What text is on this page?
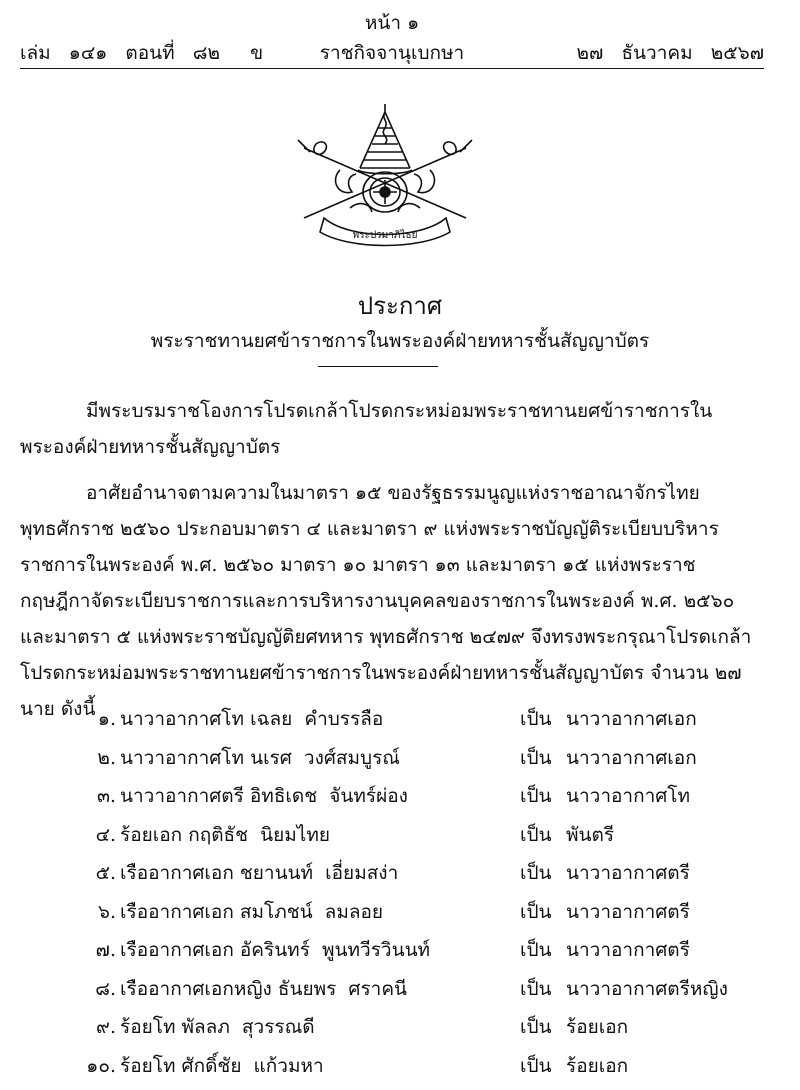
หน้า ๑
เล่ม   ๑๔๑   ตอนที่   ๘๒     ข	ราชกิจจานุเบกษา	๒๗   ธันวาคม   ๒๕๖๗
พระปรมาภิไธย
ประกาศ
พระราชทานยศข้าราชการในพระองค์ฝ่ายทหารชั้นสัญญาบัตร
มีพระบรมราชโองการโปรดเกล้าโปรดกระหม่อมพระราชทานยศข้าราชการในพระองค์ฝ่ายทหารชั้นสัญญาบัตร
อาศัยอำนาจตามความในมาตรา ๑๕ ของรัฐธรรมนูญแห่งราชอาณาจักรไทย พุทธศักราช ๒๕๖๐ ประกอบมาตรา ๔ และมาตรา ๙ แห่งพระราชบัญญัติระเบียบบริหารราชการในพระองค์ พ.ศ. ๒๕๖๐ มาตรา ๑๐ มาตรา ๑๓ และมาตรา ๑๕ แห่งพระราชกฤษฎีกาจัดระเบียบราชการและการบริหารงานบุคคลของราชการในพระองค์ พ.ศ. ๒๕๖๐ และมาตรา ๕ แห่งพระราชบัญญัติยศทหาร พุทธศักราช ๒๔๗๙ จึงทรงพระกรุณาโปรดเกล้าโปรดกระหม่อมพระราชทานยศข้าราชการในพระองค์ฝ่ายทหารชั้นสัญญาบัตร จำนวน ๒๗ นาย ดังนี้ ๑. นาวาอากาศโท เฉลย  คำบรรลือ	เป็น นาวาอากาศเอก
๒. นาวาอากาศโท นเรศ  วงศ์สมบูรณ์	เป็น นาวาอากาศเอก
๓. นาวาอากาศตรี อิทธิเดช  จันทร์ผ่อง	เป็น นาวาอากาศโท
๔. ร้อยเอก กฤติธัช  นิยมไทย	เป็น พันตรี
๕. เรืออากาศเอก ชยานนท์  เอี่ยมสง่า	เป็น นาวาอากาศตรี
๖. เรืออากาศเอก สมโภชน์  ลมลอย	เป็น นาวาอากาศตรี
๗. เรืออากาศเอก อัครินทร์  พูนทวีรวินนท์	เป็น นาวาอากาศตรี
๘. เรืออากาศเอกหญิง ธันยพร  ศราคนี	เป็น นาวาอากาศตรีหญิง
๙. ร้อยโท พัลลภ  สุวรรณดี	เป็น ร้อยเอก
๑๐. ร้อยโท ศักดิ์ชัย  แก้วมหา	เป็น ร้อยเอก
